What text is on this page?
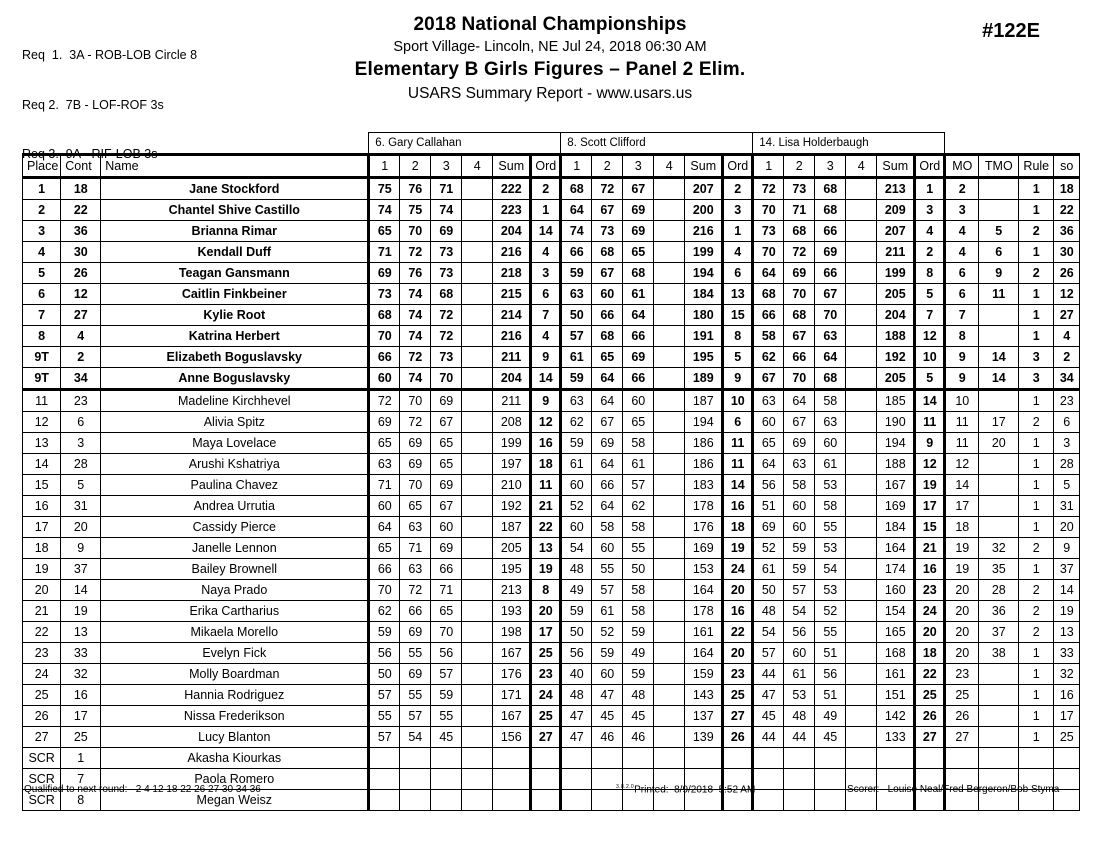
Req  1.  3A - ROB-LOB Circle 8

Req 2.  7B - LOF-ROF 3s

Req 3.  9A - RIF-LOB 3s

2018 National Championships
Sport Village- Lincoln, NE Jul 24, 2018 06:30 AM
Elementary B Girls Figures – Panel 2 Elim.
USARS Summary Report - www.usars.us
#122E
			6. Gary Callahan						8. Scott Clifford						14. Lisa Holderbaugh									
Place	Cont	Name	1	2	3	4	Sum	Ord	1	2	3	4	Sum	Ord	1	2	3	4	Sum	Ord	MO	TMO	Rule	so
1	18	Jane Stockford	75	76	71		222	2	68	72	67		207	2	72	73	68		213	1	2		1	18
2	22	Chantel Shive Castillo	74	75	74		223	1	64	67	69		200	3	70	71	68		209	3	3		1	22
3	36	Brianna Rimar	65	70	69		204	14	74	73	69		216	1	73	68	66		207	4	4	5	2	36
4	30	Kendall Duff	71	72	73		216	4	66	68	65		199	4	70	72	69		211	2	4	6	1	30
5	26	Teagan Gansmann	69	76	73		218	3	59	67	68		194	6	64	69	66		199	8	6	9	2	26
6	12	Caitlin Finkbeiner	73	74	68		215	6	63	60	61		184	13	68	70	67		205	5	6	11	1	12
7	27	Kylie Root	68	74	72		214	7	50	66	64		180	15	66	68	70		204	7	7		1	27
8	4	Katrina Herbert	70	74	72		216	4	57	68	66		191	8	58	67	63		188	12	8		1	4
9T	2	Elizabeth Boguslavsky	66	72	73		211	9	61	65	69		195	5	62	66	64		192	10	9	14	3	2
9T	34	Anne Boguslavsky	60	74	70		204	14	59	64	66		189	9	67	70	68		205	5	9	14	3	34
11	23	Madeline Kirchhevel	72	70	69		211	9	63	64	60		187	10	63	64	58		185	14	10		1	23
12	6	Alivia Spitz	69	72	67		208	12	62	67	65		194	6	60	67	63		190	11	11	17	2	6
13	3	Maya Lovelace	65	69	65		199	16	59	69	58		186	11	65	69	60		194	9	11	20	1	3
14	28	Arushi Kshatriya	63	69	65		197	18	61	64	61		186	11	64	63	61		188	12	12		1	28
15	5	Paulina Chavez	71	70	69		210	11	60	66	57		183	14	56	58	53		167	19	14		1	5
16	31	Andrea Urrutia	60	65	67		192	21	52	64	62		178	16	51	60	58		169	17	17		1	31
17	20	Cassidy Pierce	64	63	60		187	22	60	58	58		176	18	69	60	55		184	15	18		1	20
18	9	Janelle Lennon	65	71	69		205	13	54	60	55		169	19	52	59	53		164	21	19	32	2	9
19	37	Bailey Brownell	66	63	66		195	19	48	55	50		153	24	61	59	54		174	16	19	35	1	37
20	14	Naya Prado	70	72	71		213	8	49	57	58		164	20	50	57	53		160	23	20	28	2	14
21	19	Erika Cartharius	62	66	65		193	20	59	61	58		178	16	48	54	52		154	24	20	36	2	19
22	13	Mikaela Morello	59	69	70		198	17	50	52	59		161	22	54	56	55		165	20	20	37	2	13
23	33	Evelyn Fick	56	55	56		167	25	56	59	49		164	20	57	60	51		168	18	20	38	1	33
24	32	Molly Boardman	50	69	57		176	23	40	60	59		159	23	44	61	56		161	22	23		1	32
25	16	Hannia Rodriguez	57	55	59		171	24	48	47	48		143	25	47	53	51		151	25	25		1	16
26	17	Nissa Frederikson	55	57	55		167	25	47	45	45		137	27	45	48	49		142	26	26		1	17
27	25	Lucy Blanton	57	54	45		156	27	47	46	46		139	26	44	44	45		133	27	27		1	25
SCR	1	Akasha Kiourkas																						
SCR	7	Paola Romero																						
SCR	8	Megan Weisz																						
Qualified to next round:   2 4 12 18 22 26 27 30 34 36	$^{3.8.2.0}$Printed:  8/9/2018  5:52 AM	Scorer:   Louise Neal/Fred Bergeron/Bob Styma
